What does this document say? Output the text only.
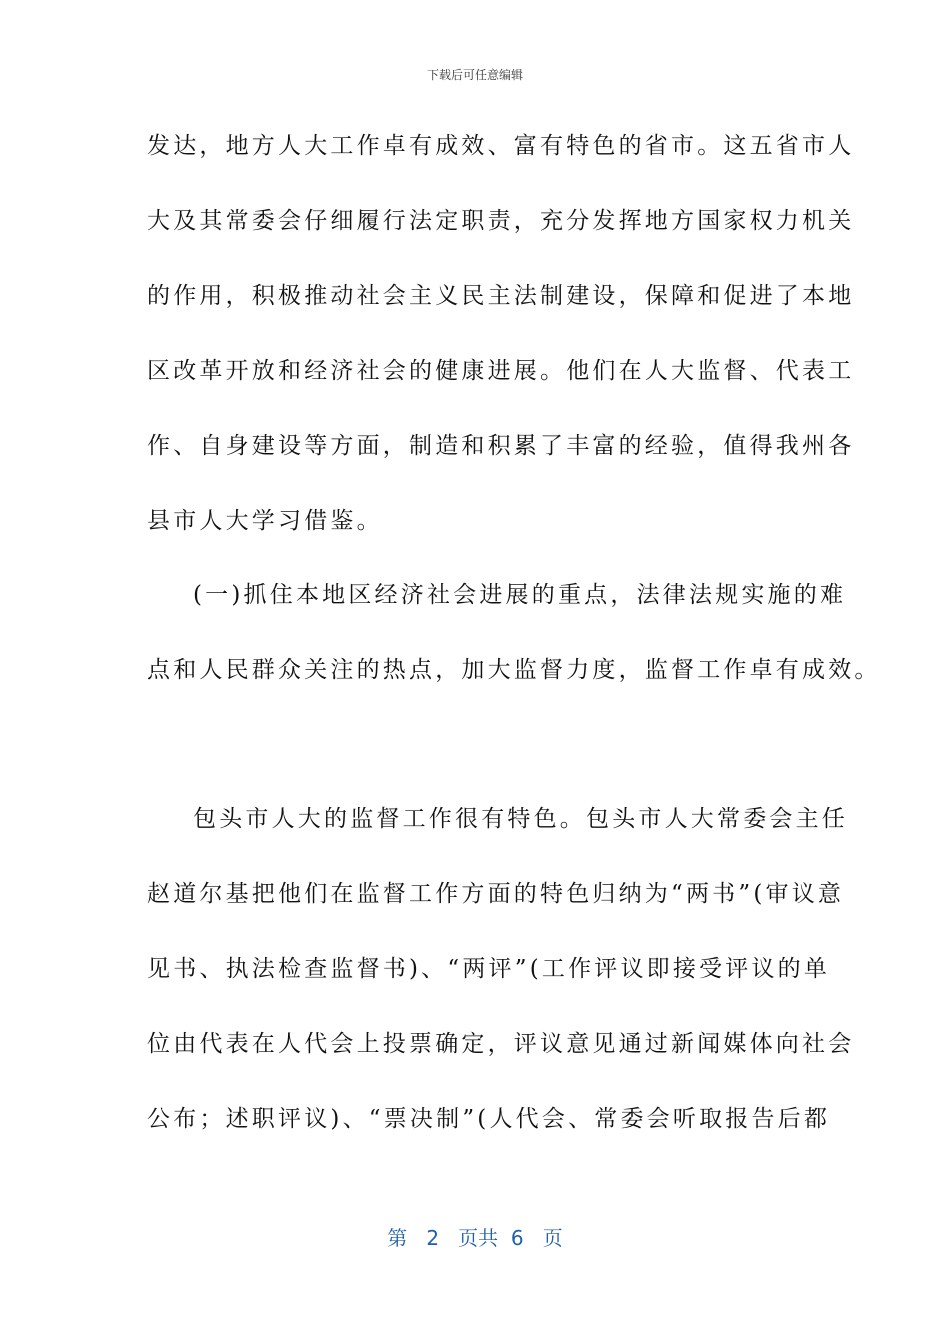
下载后可任意编辑
发达，地方人大工作卓有成效、富有特色的省市。这五省市人
大及其常委会仔细履行法定职责，充分发挥地方国家权力机关
的作用，积极推动社会主义民主法制建设，保障和促进了本地
区改革开放和经济社会的健康进展。他们在人大监督、代表工
作、自身建设等方面，制造和积累了丰富的经验，值得我州各
县市人大学习借鉴。
(一)抓住本地区经济社会进展的重点，法律法规实施的难
点和人民群众关注的热点，加大监督力度，监督工作卓有成效。
包头市人大的监督工作很有特色。包头市人大常委会主任
赵道尔基把他们在监督工作方面的特色归纳为“两书”(审议意
见书、执法检查监督书)、“两评”(工作评议即接受评议的单
位由代表在人代会上投票确定，评议意见通过新闻媒体向社会
公布；述职评议)、“票决制”(人代会、常委会听取报告后都
第 2 页共 6 页
